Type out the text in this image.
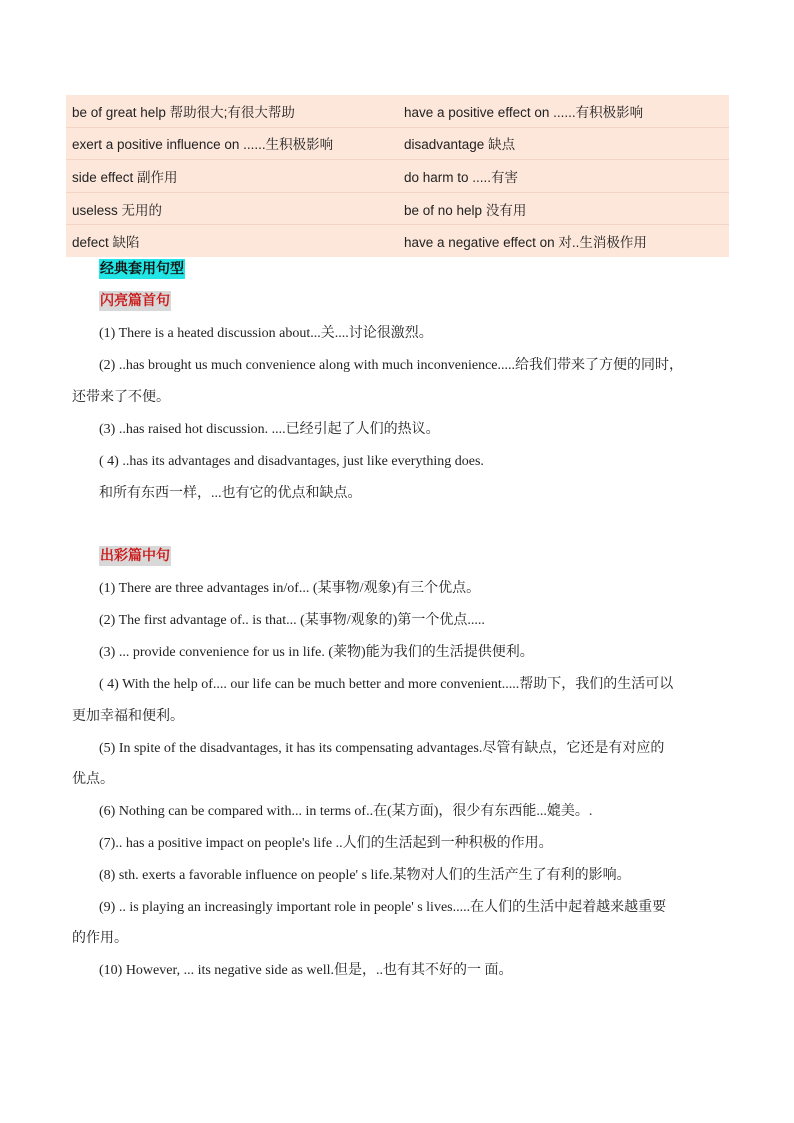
be of great help 帮助很大;有很大帮助	have a positive effect on ......有积极影响
exert a positive influence on ......生积极影响	disadvantage 缺点
side effect 副作用	do harm to .....有害
useless 无用的	be of no help 没有用
defect 缺陷	have a negative effect on 对..生消极作用
经典套用句型
闪亮篇首句
(1) There is a heated discussion about...关....讨论很激烈。
(2) ..has brought us much convenience along with much inconvenience.....给我们带来了方便的同时，
还带来了不便。
(3) ..has raised hot discussion. ....已经引起了人们的热议。
( 4) ..has its advantages and disadvantages, just like everything does.
和所有东西一样，...也有它的优点和缺点。
出彩篇中句
(1) There are three advantages in/of... (某事物/观象)有三个优点。
(2) The first advantage of.. is that... (某事物/观象的)第一个优点.....
(3) ... provide convenience for us in life. (莱物)能为我们的生活提供便利。
( 4) With the help of.... our life can be much better and more convenient.....帮助下，我们的生活可以
更加幸福和便利。
(5) In spite of the disadvantages, it has its compensating advantages.尽管有缺点，它还是有对应的
优点。
(6) Nothing can be compared with... in terms of..在(某方面)，很少有东西能...媲美。.
(7).. has a positive impact on people's life ..人们的生活起到一种积极的作用。
(8) sth. exerts a favorable influence on people' s life.某物对人们的生活产生了有利的影响。
(9) .. is playing an increasingly important role in people' s lives.....在人们的生活中起着越来越重要
的作用。
(10) However, ... its negative side as well.但是，..也有其不好的一 面。
